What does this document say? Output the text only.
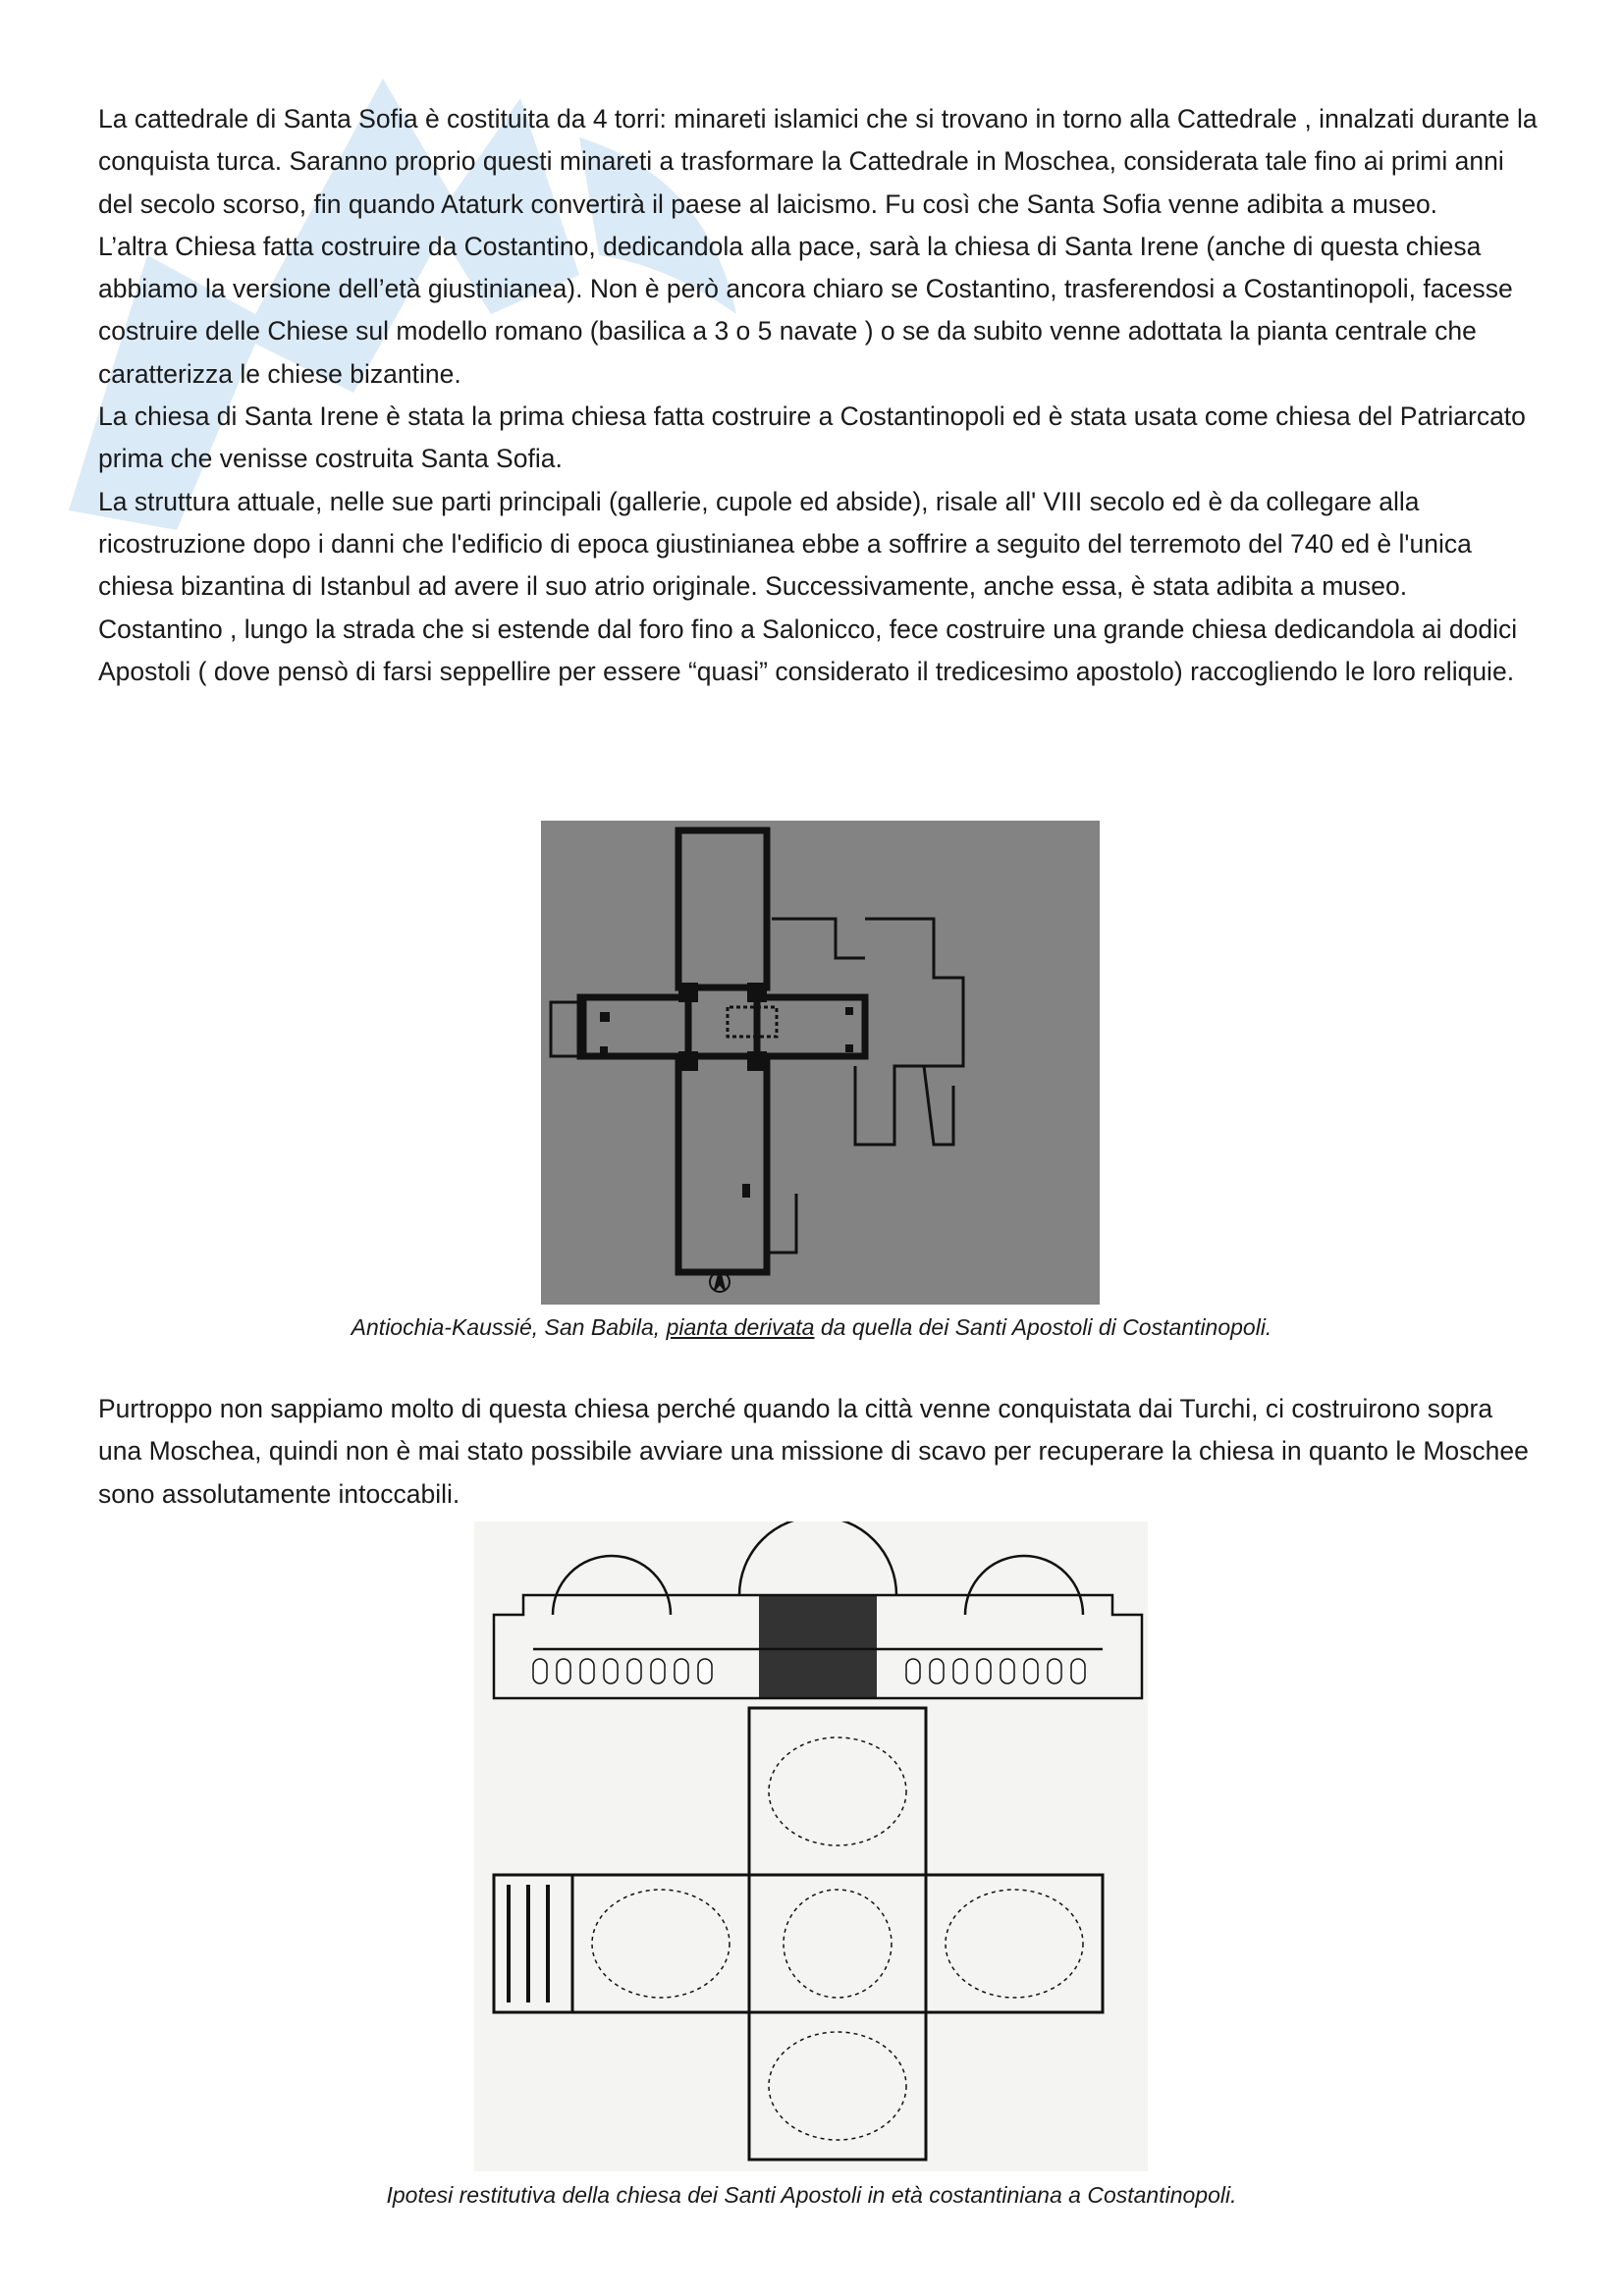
La cattedrale di Santa Sofia è costituita da 4 torri: minareti islamici che si trovano in torno alla Cattedrale , innalzati durante la conquista turca. Saranno proprio questi minareti a trasformare la Cattedrale in Moschea, considerata tale fino ai primi anni del secolo scorso, fin quando Ataturk convertirà il paese al laicismo. Fu così che Santa Sofia venne adibita a museo.

L’altra Chiesa fatta costruire da Costantino, dedicandola alla pace, sarà la chiesa di Santa Irene (anche di questa chiesa abbiamo la versione dell’età giustinianea). Non è però ancora chiaro se Costantino, trasferendosi a Costantinopoli, facesse costruire delle Chiese sul modello romano (basilica a 3 o 5 navate ) o se da subito venne adottata la pianta centrale che caratterizza le chiese bizantine.

La chiesa di Santa Irene è stata la prima chiesa fatta costruire a Costantinopoli ed è stata usata come chiesa del Patriarcato prima che venisse costruita Santa Sofia.

La struttura attuale, nelle sue parti principali (gallerie, cupole ed abside), risale all' VIII secolo ed è da collegare alla ricostruzione dopo i danni che l'edificio di epoca giustinianea ebbe a soffrire a seguito del terremoto del 740 ed è l'unica chiesa bizantina di Istanbul ad avere il suo atrio originale. Successivamente, anche essa, è stata adibita a museo.

Costantino , lungo la strada che si estende dal foro fino a Salonicco, fece costruire una grande chiesa dedicandola ai dodici Apostoli ( dove pensò di farsi seppellire per essere “quasi” considerato il tredicesimo apostolo) raccogliendo le loro reliquie.

Antiochia-Kaussié, San Babila, pianta derivata da quella dei Santi Apostoli di Costantinopoli.

Purtroppo non sappiamo molto di questa chiesa perché quando la città venne conquistata dai Turchi, ci costruirono sopra una Moschea, quindi non è mai stato possibile avviare una missione di scavo per recuperare la chiesa in quanto le Moschee sono assolutamente intoccabili.

Ipotesi restitutiva della chiesa dei Santi Apostoli in età costantiniana a Costantinopoli.
